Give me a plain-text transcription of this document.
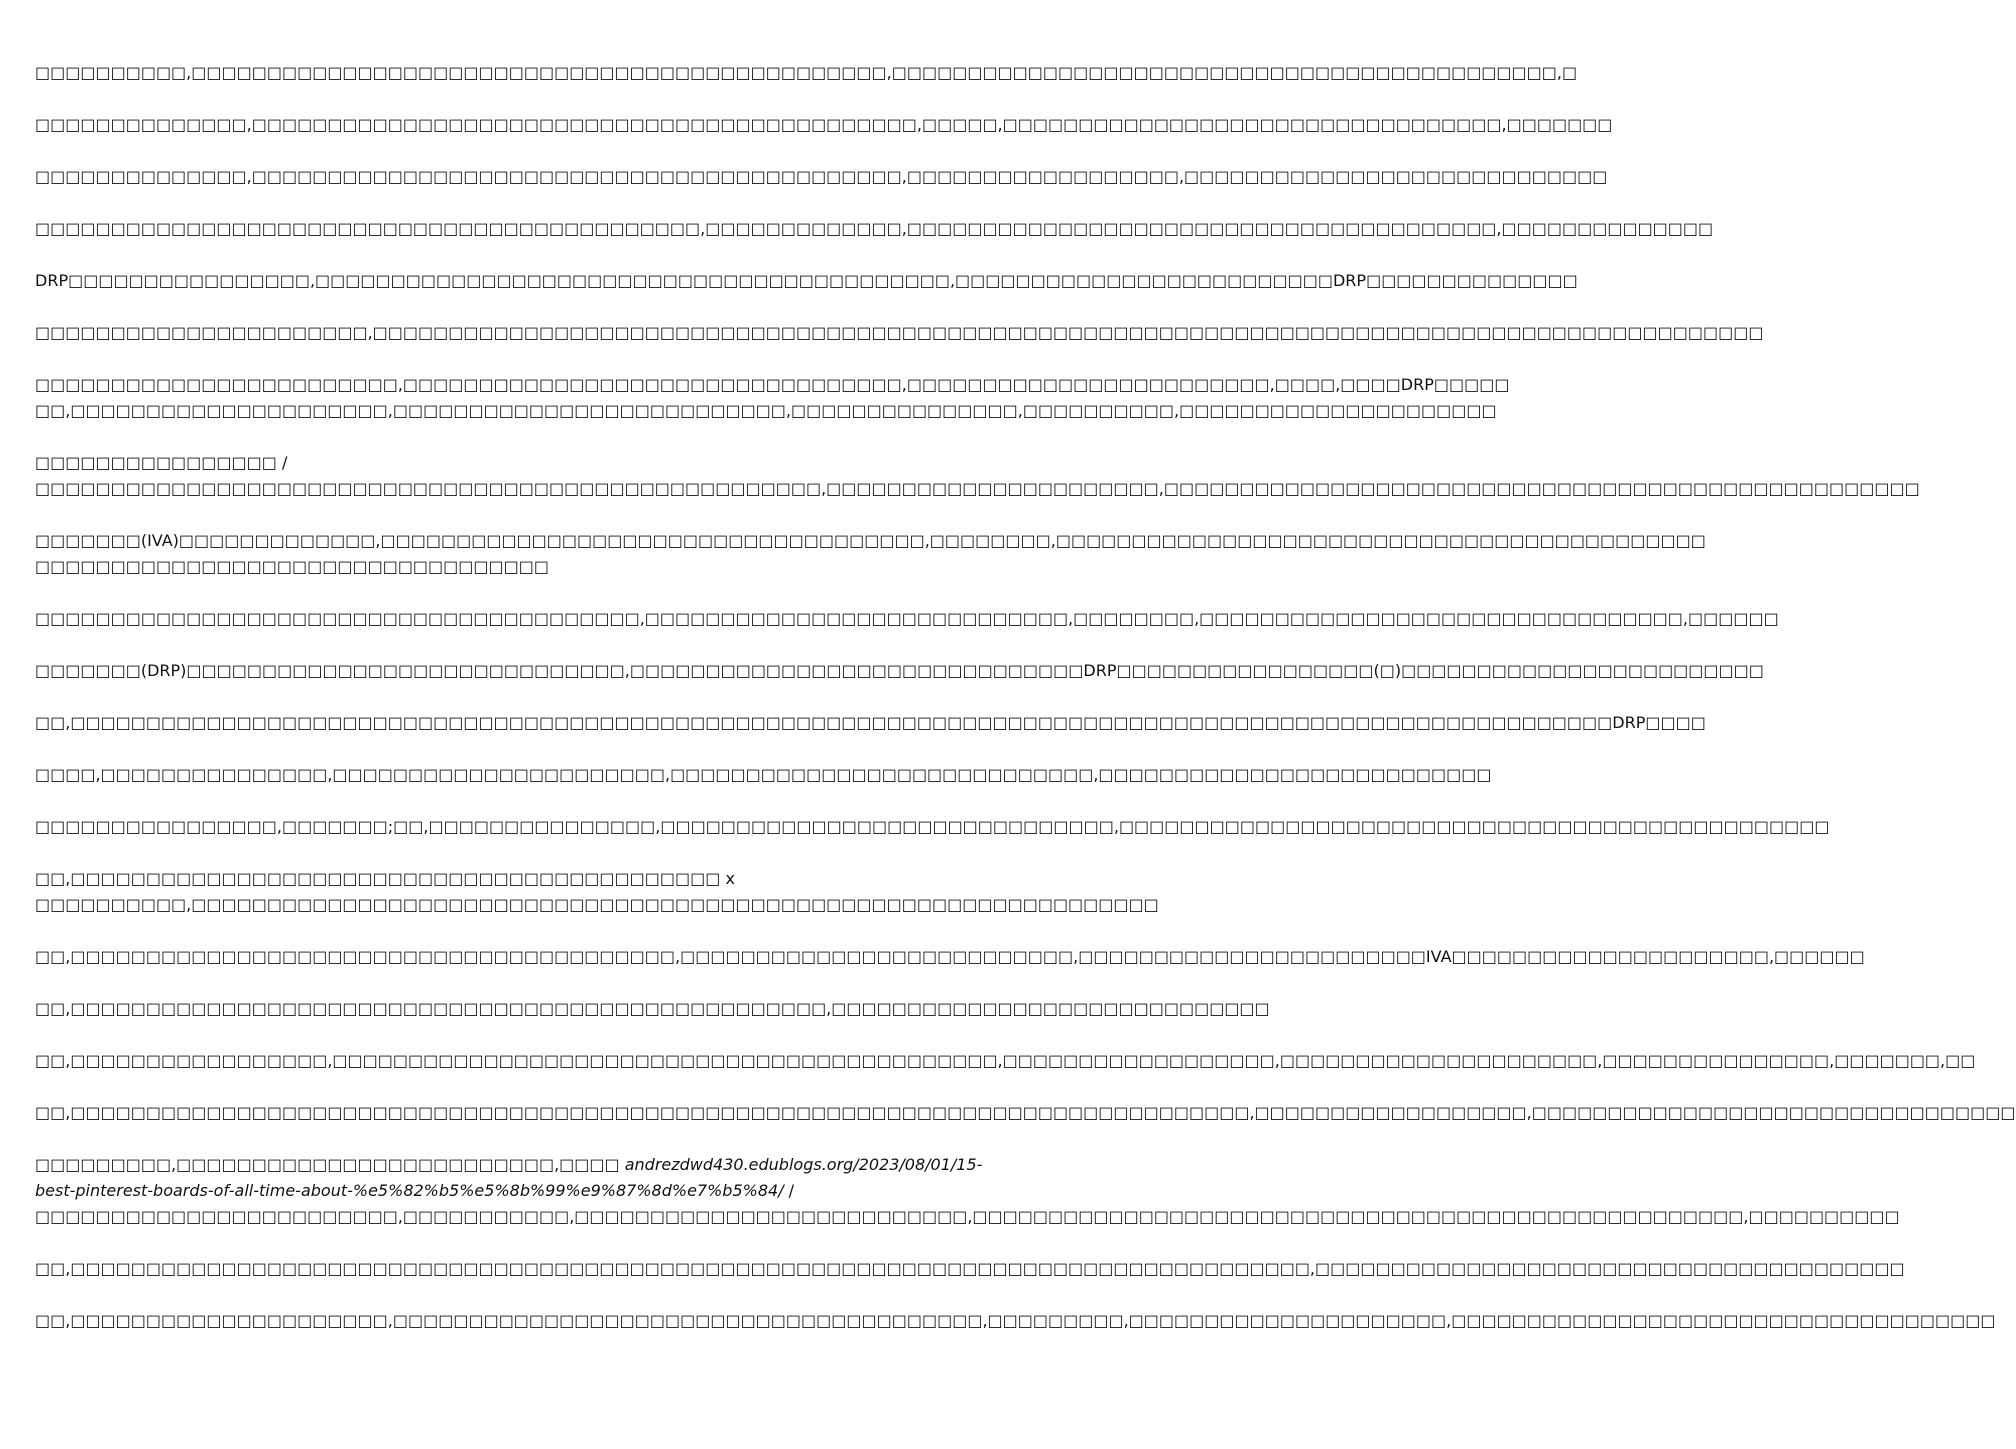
□□□□□□□□□□,□□□□□□□□□□□□□□□□□□□□□□□□□□□□□□□□□□□□□□□□□□□□□□,□□□□□□□□□□□□□□□□□□□□□□□□□□□□□□□□□□□□□□□□□□□□,□

□□□□□□□□□□□□□□,□□□□□□□□□□□□□□□□□□□□□□□□□□□□□□□□□□□□□□□□□□□□,□□□□□,□□□□□□□□□□□□□□□□□□□□□□□□□□□□□□□□□,□□□□□□□

□□□□□□□□□□□□□□,□□□□□□□□□□□□□□□□□□□□□□□□□□□□□□□□□□□□□□□□□□□,□□□□□□□□□□□□□□□□□□,□□□□□□□□□□□□□□□□□□□□□□□□□□□□

□□□□□□□□□□□□□□□□□□□□□□□□□□□□□□□□□□□□□□□□□□□□,□□□□□□□□□□□□□,□□□□□□□□□□□□□□□□□□□□□□□□□□□□□□□□□□□□□□□,□□□□□□□□□□□□□□

DRP□□□□□□□□□□□□□□□□,□□□□□□□□□□□□□□□□□□□□□□□□□□□□□□□□□□□□□□□□□□,□□□□□□□□□□□□□□□□□□□□□□□□□DRP□□□□□□□□□□□□□□

□□□□□□□□□□□□□□□□□□□□□□,□□□□□□□□□□□□□□□□□□□□□□□□□□□□□□□□□□□□□□□□□□□□□□□□□□□□□□□□□□□□□□□□□□□□□□□□□□□□□□□□□□□□□□□□□□□□

□□□□□□□□□□□□□□□□□□□□□□□□,□□□□□□□□□□□□□□□□□□□□□□□□□□□□□□□□□,□□□□□□□□□□□□□□□□□□□□□□□□,□□□□,□□□□DRP□□□□□
□□,□□□□□□□□□□□□□□□□□□□□□,□□□□□□□□□□□□□□□□□□□□□□□□□□,□□□□□□□□□□□□□□□,□□□□□□□□□□,□□□□□□□□□□□□□□□□□□□□□
□□□□□□□□□□□□□□□□ /
□□□□□□□□□□□□□□□□□□□□□□□□□□□□□□□□□□□□□□□□□□□□□□□□□□□□,□□□□□□□□□□□□□□□□□□□□□□,□□□□□□□□□□□□□□□□□□□□□□□□□□□□□□□□□□□□□□□□□□□□□□□□□□
□□□□□□□(IVA)□□□□□□□□□□□□□,□□□□□□□□□□□□□□□□□□□□□□□□□□□□□□□□□□□□,□□□□□□□□,□□□□□□□□□□□□□□□□□□□□□□□□□□□□□□□□□□□□□□□□□□□
□□□□□□□□□□□□□□□□□□□□□□□□□□□□□□□□□□

□□□□□□□□□□□□□□□□□□□□□□□□□□□□□□□□□□□□□□□□,□□□□□□□□□□□□□□□□□□□□□□□□□□□□,□□□□□□□□,□□□□□□□□□□□□□□□□□□□□□□□□□□□□□□□□,□□□□□□

□□□□□□□(DRP)□□□□□□□□□□□□□□□□□□□□□□□□□□□□□,□□□□□□□□□□□□□□□□□□□□□□□□□□□□□□DRP□□□□□□□□□□□□□□□□□(□)□□□□□□□□□□□□□□□□□□□□□□□□

□□,□□□□□□□□□□□□□□□□□□□□□□□□□□□□□□□□□□□□□□□□□□□□□□□□□□□□□□□□□□□□□□□□□□□□□□□□□□□□□□□□□□□□□□□□□□□□□□□□□□□□□□DRP□□□□

□□□□,□□□□□□□□□□□□□□□,□□□□□□□□□□□□□□□□□□□□□□,□□□□□□□□□□□□□□□□□□□□□□□□□□□□,□□□□□□□□□□□□□□□□□□□□□□□□□□

□□□□□□□□□□□□□□□□,□□□□□□□;□□,□□□□□□□□□□□□□□□,□□□□□□□□□□□□□□□□□□□□□□□□□□□□□□,□□□□□□□□□□□□□□□□□□□□□□□□□□□□□□□□□□□□□□□□□□□□□□□

□□,□□□□□□□□□□□□□□□□□□□□□□□□□□□□□□□□□□□□□□□□□□□ x
□□□□□□□□□□,□□□□□□□□□□□□□□□□□□□□□□□□□□□□□□□□□□□□□□□□□□□□□□□□□□□□□□□□□□□□□□□□

□□,□□□□□□□□□□□□□□□□□□□□□□□□□□□□□□□□□□□□□□□□,□□□□□□□□□□□□□□□□□□□□□□□□□□,□□□□□□□□□□□□□□□□□□□□□□□IVA□□□□□□□□□□□□□□□□□□□□□,□□□□□□

□□,□□□□□□□□□□□□□□□□□□□□□□□□□□□□□□□□□□□□□□□□□□□□□□□□□□,□□□□□□□□□□□□□□□□□□□□□□□□□□□□□

□□,□□□□□□□□□□□□□□□□□,□□□□□□□□□□□□□□□□□□□□□□□□□□□□□□□□□□□□□□□□□□□□,□□□□□□□□□□□□□□□□□□,□□□□□□□□□□□□□□□□□□□□□,□□□□□□□□□□□□□□□,□□□□□□□,□□

□□,□□□□□□□□□□□□□□□□□□□□□□□□□□□□□□□□□□□□□□□□□□□□□□□□□□□□□□□□□□□□□□□□□□□□□□□□□□□□□□,□□□□□□□□□□□□□□□□□□,□□□□□□□□□□□□□□□□□□□□□□□□□□□□□□□□

□□□□□□□□□,□□□□□□□□□□□□□□□□□□□□□□□□□,□□□□ andrezdwd430.edublogs.org/2023/08/01/15-best-pinterest-boards-of-all-time-about-%e5%82%b5%e5%8b%99%e9%87%8d%e7%b5%84/ /
□□□□□□□□□□□□□□□□□□□□□□□□,□□□□□□□□□□□,□□□□□□□□□□□□□□□□□□□□□□□□□□,□□□□□□□□□□□□□□□□□□□□□□□□□□□□□□□□□□□□□□□□□□□□□□□□□□□,□□□□□□□□□□

□□,□□□□□□□□□□□□□□□□□□□□□□□□□□□□□□□□□□□□□□□□□□□□□□□□□□□□□□□□□□□□□□□□□□□□□□□□□□□□□□□□□□,□□□□□□□□□□□□□□□□□□□□□□□□□□□□□□□□□□□□□□□

□□,□□□□□□□□□□□□□□□□□□□□□,□□□□□□□□□□□□□□□□□□□□□□□□□□□□□□□□□□□□□□□,□□□□□□□□□,□□□□□□□□□□□□□□□□□□□□□,□□□□□□□□□□□□□□□□□□□□□□□□□□□□□□□□□□□□
